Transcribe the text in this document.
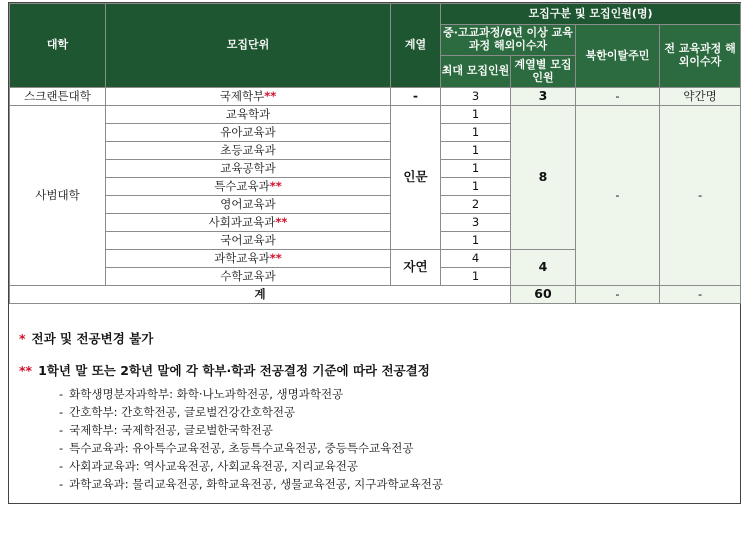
대학	모집단위	계열	모집구분 및 모집인원(명)			
			중·고교과정/6년 이상 교육과정 해외이수자		북한이탈주민	전 교육과정 해외이수자
			최대 모집인원	계열별 모집인원		
스크랜튼대학	국제학부**	-	3	3	-	약간명
사범대학	교육학과	인문	1	8	-	-
	유아교육과		1			
	초등교육과		1			
	교육공학과		1			
	특수교육과**		1			
	영어교육과		2			
	사회과교육과**		3			
	국어교육과		1			
	과학교육과**	자연	4	4		
	수학교육과		1			
계				60	-	-

* 전과 및 전공변경 불가

** 1학년 말 또는 2학년 말에 각 학부·학과 전공결정 기준에 따라 전공결정

- 화학생명분자과학부: 화학·나노과학전공, 생명과학전공
- 간호학부: 간호학전공, 글로벌건강간호학전공
- 국제학부: 국제학전공, 글로벌한국학전공
- 특수교육과: 유아특수교육전공, 초등특수교육전공, 중등특수교육전공
- 사회과교육과: 역사교육전공, 사회교육전공, 지리교육전공
- 과학교육과: 물리교육전공, 화학교육전공, 생물교육전공, 지구과학교육전공
